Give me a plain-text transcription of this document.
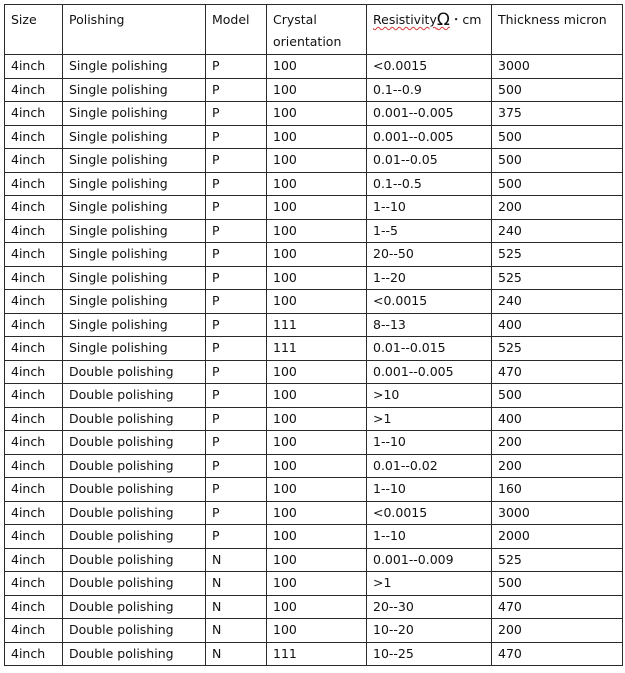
Size	Polishing	Model	Crystal orientation	ResistivityΩ・cm	Thickness micron
4inch	Single polishing	P	100	<0.0015	3000
4inch	Single polishing	P	100	0.1--0.9	500
4inch	Single polishing	P	100	0.001--0.005	375
4inch	Single polishing	P	100	0.001--0.005	500
4inch	Single polishing	P	100	0.01--0.05	500
4inch	Single polishing	P	100	0.1--0.5	500
4inch	Single polishing	P	100	1--10	200
4inch	Single polishing	P	100	1--5	240
4inch	Single polishing	P	100	20--50	525
4inch	Single polishing	P	100	1--20	525
4inch	Single polishing	P	100	<0.0015	240
4inch	Single polishing	P	111	8--13	400
4inch	Single polishing	P	111	0.01--0.015	525
4inch	Double polishing	P	100	0.001--0.005	470
4inch	Double polishing	P	100	>10	500
4inch	Double polishing	P	100	>1	400
4inch	Double polishing	P	100	1--10	200
4inch	Double polishing	P	100	0.01--0.02	200
4inch	Double polishing	P	100	1--10	160
4inch	Double polishing	P	100	<0.0015	3000
4inch	Double polishing	P	100	1--10	2000
4inch	Double polishing	N	100	0.001--0.009	525
4inch	Double polishing	N	100	>1	500
4inch	Double polishing	N	100	20--30	470
4inch	Double polishing	N	100	10--20	200
4inch	Double polishing	N	111	10--25	470
